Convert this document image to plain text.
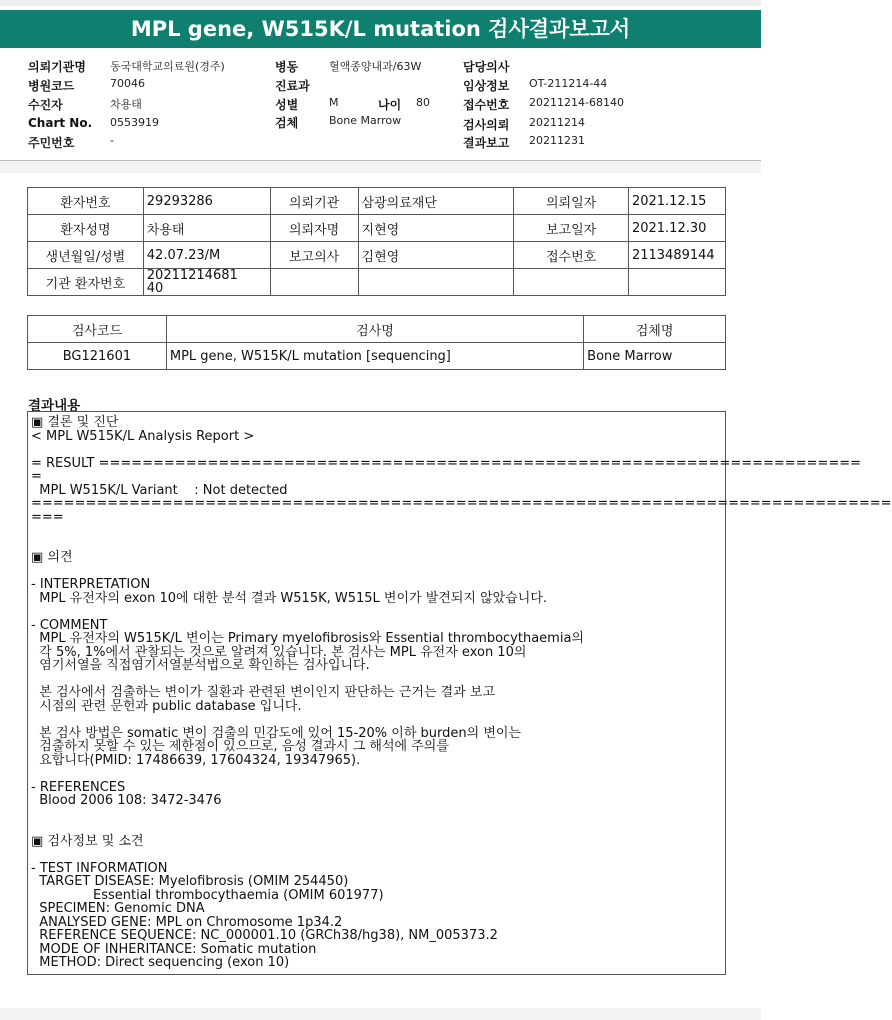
MPL gene, W515K/L mutation 검사결과보고서
의뢰기관명 동국대학교의료원(경주)
병원코드	70046
수진자	차용태
Chart No. 0553919
주민번호	-
병동	혈액종양내과/63W
진료과
성별	M	나이 80
검체	Bone Marrow
담당의사
임상정보 OT-211214-44
접수번호 20211214-68140
검사의뢰 20211214
결과보고 20211231
환자번호	29293286	의뢰기관	삼광의료재단	의뢰일자	2021.12.15
환자성명	차용태	의뢰자명	지현영	보고일자	2021.12.30
생년월일/성별	42.07.23/M	보고의사	김현영	접수번호	2113489144
기관 환자번호	20211214681
40				
검사코드	검사명	검체명
BG121601	MPL gene, W515K/L mutation [sequencing]	Bone Marrow
결과내용
▣ 결론 및 진단
< MPL W515K/L Analysis Report >

= RESULT ======================================================================
=
MPL W515K/L Variant    : Not detected
===============================================================================
===

▣ 의견

- INTERPRETATION
MPL 유전자의 exon 10에 대한 분석 결과 W515K, W515L 변이가 발견되지 않았습니다.

- COMMENT
MPL 유전자의 W515K/L 변이는 Primary myelofibrosis와 Essential thrombocythaemia의
각 5%, 1%에서 관찰되는 것으로 알려져 있습니다. 본 검사는 MPL 유전자 exon 10의
염기서열을 직접염기서열분석법으로 확인하는 검사입니다.

본 검사에서 검출하는 변이가 질환과 관련된 변이인지 판단하는 근거는 결과 보고
시점의 관련 문헌과 public database 입니다.

본 검사 방법은 somatic 변이 검출의 민감도에 있어 15-20% 이하 burden의 변이는
검출하지 못할 수 있는 제한점이 있으므로, 음성 결과시 그 해석에 주의를
요합니다(PMID: 17486639, 17604324, 19347965).

- REFERENCES
Blood 2006 108: 3472-3476

▣ 검사정보 및 소견

- TEST INFORMATION
TARGET DISEASE: Myelofibrosis (OMIM 254450)
Essential thrombocythaemia (OMIM 601977)
SPECIMEN: Genomic DNA
ANALYSED GENE: MPL on Chromosome 1p34.2
REFERENCE SEQUENCE: NC_000001.10 (GRCh38/hg38), NM_005373.2
MODE OF INHERITANCE: Somatic mutation
METHOD: Direct sequencing (exon 10)
